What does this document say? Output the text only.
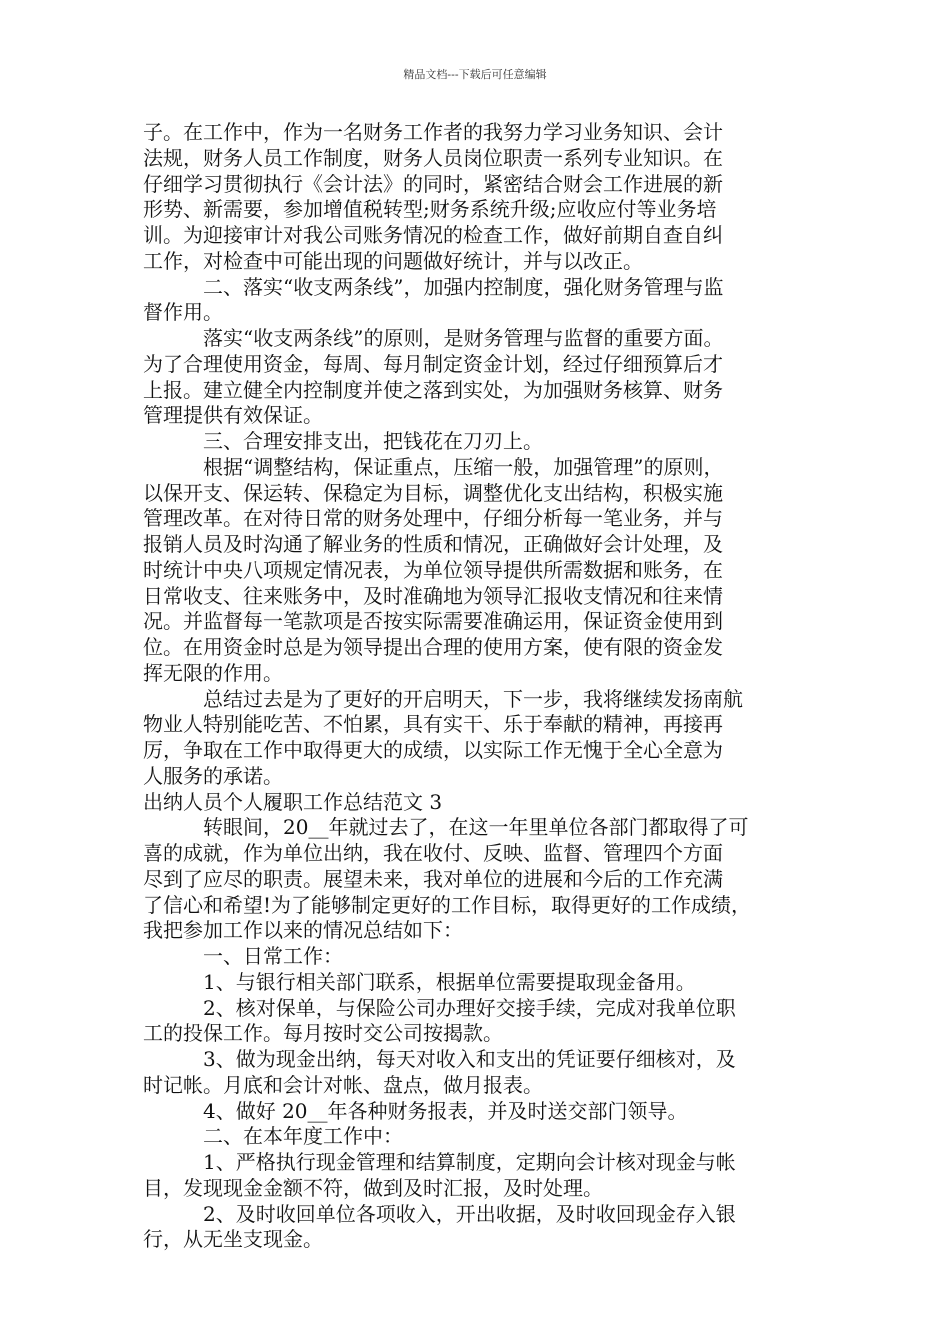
精品文档---下载后可任意编辑
子。在工作中，作为一名财务工作者的我努力学习业务知识、会计
法规，财务人员工作制度，财务人员岗位职责一系列专业知识。在
仔细学习贯彻执行《会计法》的同时，紧密结合财会工作进展的新
形势、新需要，参加增值税转型;财务系统升级;应收应付等业务培
训。为迎接审计对我公司账务情况的检查工作，做好前期自查自纠
工作，对检查中可能出现的问题做好统计，并与以改正。
二、落实“收支两条线”，加强内控制度，强化财务管理与监
督作用。
落实“收支两条线”的原则，是财务管理与监督的重要方面。
为了合理使用资金，每周、每月制定资金计划，经过仔细预算后才
上报。建立健全内控制度并使之落到实处，为加强财务核算、财务
管理提供有效保证。
三、合理安排支出，把钱花在刀刃上。
根据“调整结构，保证重点，压缩一般，加强管理”的原则，
以保开支、保运转、保稳定为目标，调整优化支出结构，积极实施
管理改革。在对待日常的财务处理中，仔细分析每一笔业务，并与
报销人员及时沟通了解业务的性质和情况，正确做好会计处理，及
时统计中央八项规定情况表，为单位领导提供所需数据和账务，在
日常收支、往来账务中，及时准确地为领导汇报收支情况和往来情
况。并监督每一笔款项是否按实际需要准确运用，保证资金使用到
位。在用资金时总是为领导提出合理的使用方案，使有限的资金发
挥无限的作用。
总结过去是为了更好的开启明天，下一步，我将继续发扬南航
物业人特别能吃苦、不怕累，具有实干、乐于奉献的精神，再接再
厉，争取在工作中取得更大的成绩，以实际工作无愧于全心全意为
人服务的承诺。
出纳人员个人履职工作总结范文 3
转眼间，20__年就过去了，在这一年里单位各部门都取得了可
喜的成就，作为单位出纳，我在收付、反映、监督、管理四个方面
尽到了应尽的职责。展望未来，我对单位的进展和今后的工作充满
了信心和希望!为了能够制定更好的工作目标，取得更好的工作成绩，
我把参加工作以来的情况总结如下：
一、日常工作：
1、与银行相关部门联系，根据单位需要提取现金备用。
2、核对保单，与保险公司办理好交接手续，完成对我单位职
工的投保工作。每月按时交公司按揭款。
3、做为现金出纳，每天对收入和支出的凭证要仔细核对，及
时记帐。月底和会计对帐、盘点，做月报表。
4、做好 20__年各种财务报表，并及时送交部门领导。
二、在本年度工作中：
1、严格执行现金管理和结算制度，定期向会计核对现金与帐
目，发现现金金额不符，做到及时汇报，及时处理。
2、及时收回单位各项收入，开出收据，及时收回现金存入银
行，从无坐支现金。
